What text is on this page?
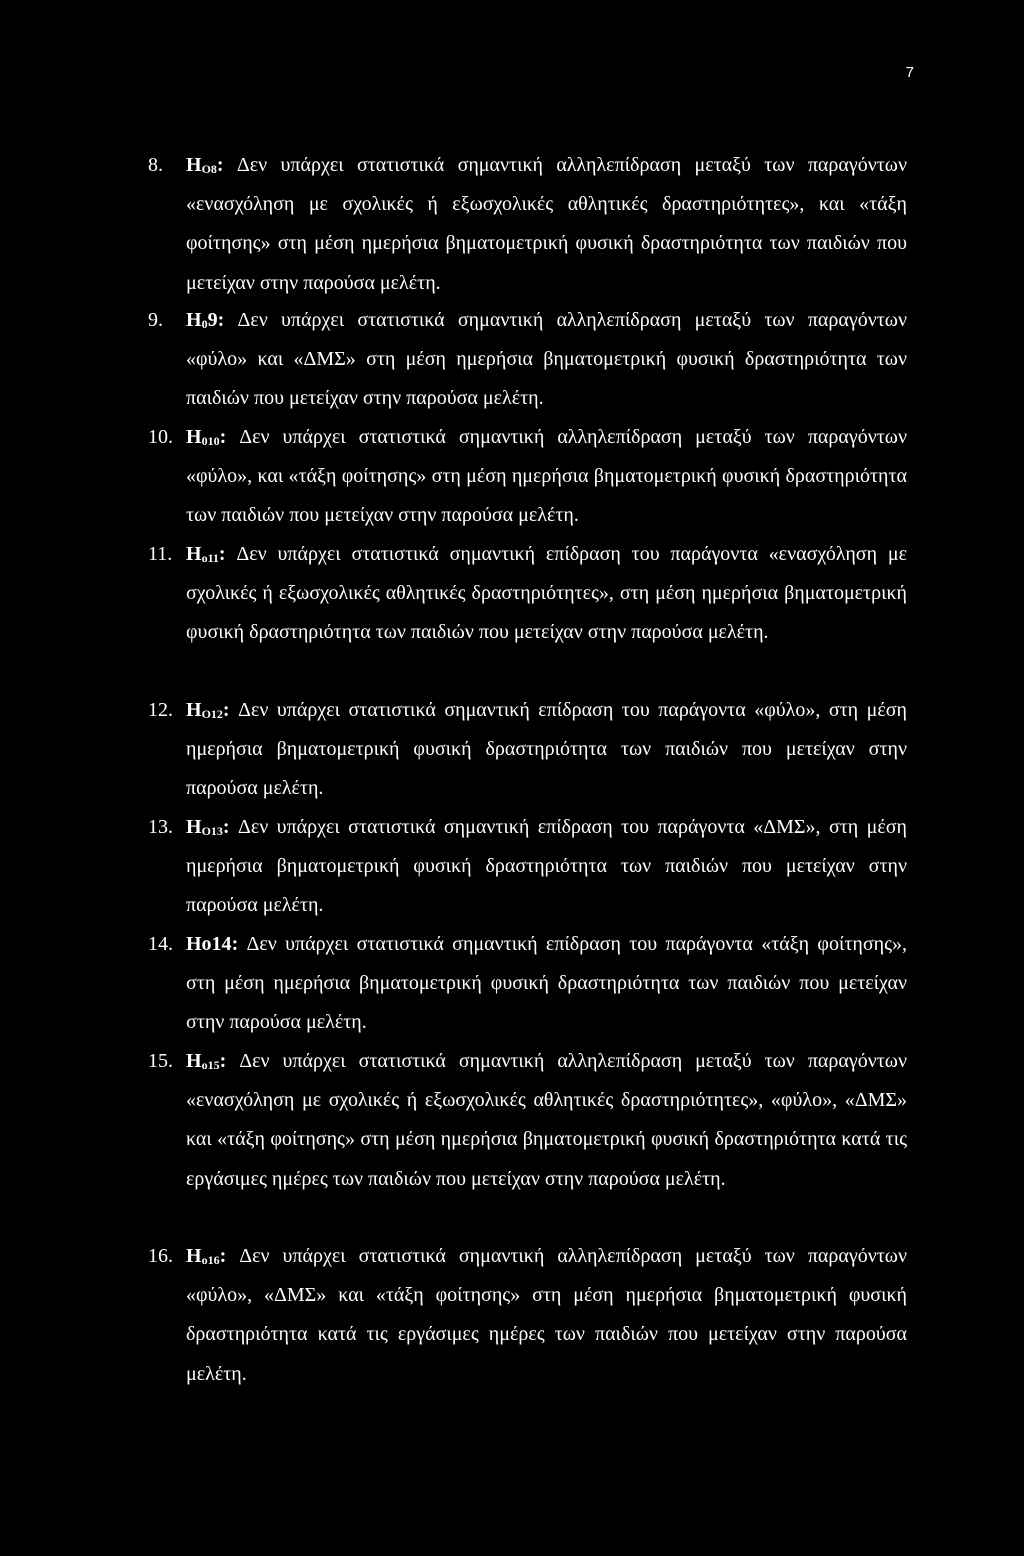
7
8. $H_{O8}$: Δεν υπάρχει στατιστικά σημαντική αλληλεπίδραση μεταξύ των παραγόντων «ενασχόληση με σχολικές ή εξωσχολικές αθλητικές δραστηριότητες», και «τάξη φοίτησης» στη μέση ημερήσια βηματομετρική φυσική δραστηριότητα των παιδιών που μετείχαν στην παρούσα μελέτη.
9. $H_09$: Δεν υπάρχει στατιστικά σημαντική αλληλεπίδραση μεταξύ των παραγόντων «φύλο» και «ΔΜΣ» στη μέση ημερήσια βηματομετρική φυσική δραστηριότητα των παιδιών που μετείχαν στην παρούσα μελέτη.
10. $H_{010}$: Δεν υπάρχει στατιστικά σημαντική αλληλεπίδραση μεταξύ των παραγόντων «φύλο», και «τάξη φοίτησης» στη μέση ημερήσια βηματομετρική φυσική δραστηριότητα των παιδιών που μετείχαν στην παρούσα μελέτη.
11. $H_{o11}$: Δεν υπάρχει στατιστικά σημαντική επίδραση του παράγοντα «ενασχόληση με σχολικές ή εξωσχολικές αθλητικές δραστηριότητες», στη μέση ημερήσια βηματομετρική φυσική δραστηριότητα των παιδιών που μετείχαν στην παρούσα μελέτη.
12. $H_{O12}$: Δεν υπάρχει στατιστικά σημαντική επίδραση του παράγοντα «φύλο», στη μέση ημερήσια βηματομετρική φυσική δραστηριότητα των παιδιών που μετείχαν στην παρούσα μελέτη.
13. $H_{O13}$: Δεν υπάρχει στατιστικά σημαντική επίδραση του παράγοντα «ΔΜΣ», στη μέση ημερήσια βηματομετρική φυσική δραστηριότητα των παιδιών που μετείχαν στην παρούσα μελέτη.
14. Ho14: Δεν υπάρχει στατιστικά σημαντική επίδραση του παράγοντα «τάξη φοίτησης», στη μέση ημερήσια βηματομετρική φυσική δραστηριότητα των παιδιών που μετείχαν στην παρούσα μελέτη.
15. $H_{o15}$: Δεν υπάρχει στατιστικά σημαντική αλληλεπίδραση μεταξύ των παραγόντων «ενασχόληση με σχολικές ή εξωσχολικές αθλητικές δραστηριότητες», «φύλο», «ΔΜΣ» και «τάξη φοίτησης» στη μέση ημερήσια βηματομετρική φυσική δραστηριότητα κατά τις εργάσιμες ημέρες των παιδιών που μετείχαν στην παρούσα μελέτη.
16. $H_{o16}$: Δεν υπάρχει στατιστικά σημαντική αλληλεπίδραση μεταξύ των παραγόντων «φύλο», «ΔΜΣ» και «τάξη φοίτησης» στη μέση ημερήσια βηματομετρική φυσική δραστηριότητα κατά τις εργάσιμες ημέρες των παιδιών που μετείχαν στην παρούσα μελέτη.
